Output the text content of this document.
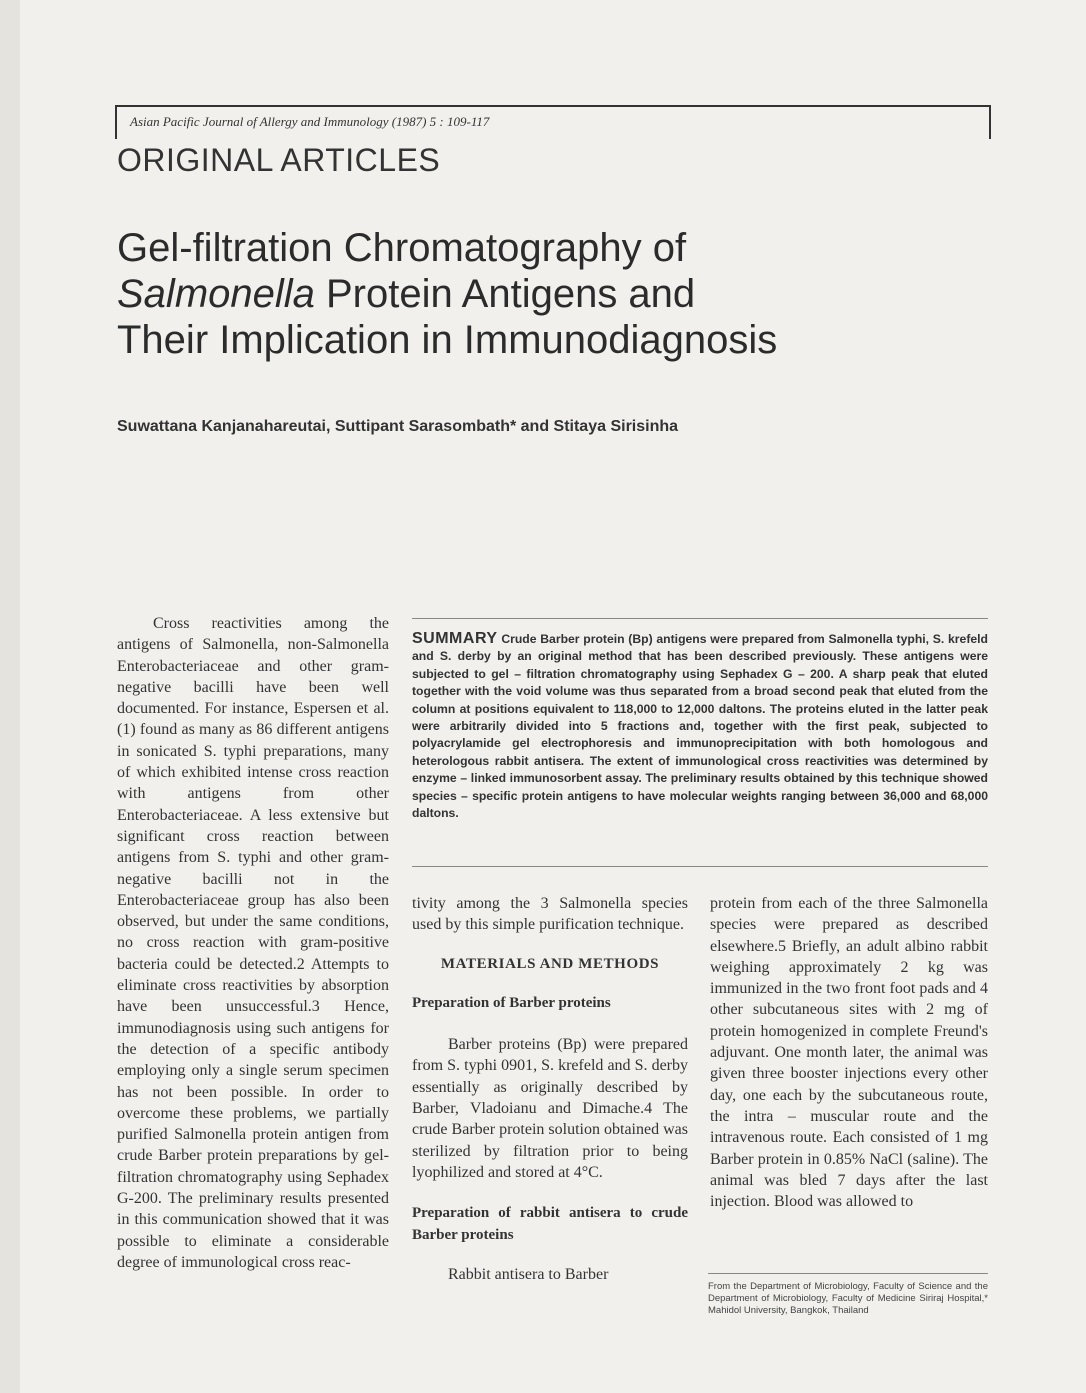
Asian Pacific Journal of Allergy and Immunology (1987) 5 : 109-117
ORIGINAL ARTICLES
Gel-filtration Chromatography of
Salmonella Protein Antigens and
Their Implication in Immunodiagnosis
Suwattana Kanjanahareutai, Suttipant Sarasombath* and Stitaya Sirisinha

Cross reactivities among the antigens of Salmonella, non-Salmonella Enterobacteriaceae and other gram-negative bacilli have been well documented. For instance, Espersen et al.(1) found as many as 86 different antigens in sonicated S. typhi preparations, many of which exhibited intense cross reaction with antigens from other Enterobacteriaceae. A less extensive but significant cross reaction between antigens from S. typhi and other gram-negative bacilli not in the Enterobacteriaceae group has also been observed, but under the same conditions, no cross reaction with gram-positive bacteria could be detected.2 Attempts to eliminate cross reactivities by absorption have been unsuccessful.3 Hence, immunodiagnosis using such antigens for the detection of a specific antibody employing only a single serum specimen has not been possible. In order to overcome these problems, we partially purified Salmonella protein antigen from crude Barber protein preparations by gel-filtration chromatography using Sephadex G-200. The preliminary results presented in this communication showed that it was possible to eliminate a considerable degree of immunological cross reac-

SUMMARY Crude Barber protein (Bp) antigens were prepared from Salmonella typhi, S. krefeld and S. derby by an original method that has been described previously. These antigens were subjected to gel – filtration chromatography using Sephadex G – 200. A sharp peak that eluted together with the void volume was thus separated from a broad second peak that eluted from the column at positions equivalent to 118,000 to 12,000 daltons. The proteins eluted in the latter peak were arbitrarily divided into 5 fractions and, together with the first peak, subjected to polyacrylamide gel electrophoresis and immunoprecipitation with both homologous and heterologous rabbit antisera. The extent of immunological cross reactivities was determined by enzyme – linked immunosorbent assay. The preliminary results obtained by this technique showed species – specific protein antigens to have molecular weights ranging between 36,000 and 68,000 daltons.

tivity among the 3 Salmonella species used by this simple purification technique.

MATERIALS AND METHODS

Preparation of Barber proteins

Barber proteins (Bp) were prepared from S. typhi 0901, S. krefeld and S. derby essentially as originally described by Barber, Vladoianu and Dimache.4 The crude Barber protein solution obtained was sterilized by filtration prior to being lyophilized and stored at 4°C.

Preparation of rabbit antisera to crude Barber proteins

Rabbit antisera to Barber

protein from each of the three Salmonella species were prepared as described elsewhere.5 Briefly, an adult albino rabbit weighing approximately 2 kg was immunized in the two front foot pads and 4 other subcutaneous sites with 2 mg of protein homogenized in complete Freund's adjuvant. One month later, the animal was given three booster injections every other day, one each by the subcutaneous route, the intra – muscular route and the intravenous route. Each consisted of 1 mg Barber protein in 0.85% NaCl (saline). The animal was bled 7 days after the last injection. Blood was allowed to

From the Department of Microbiology, Faculty of Science and the Department of Microbiology, Faculty of Medicine Siriraj Hospital,* Mahidol University, Bangkok, Thailand
